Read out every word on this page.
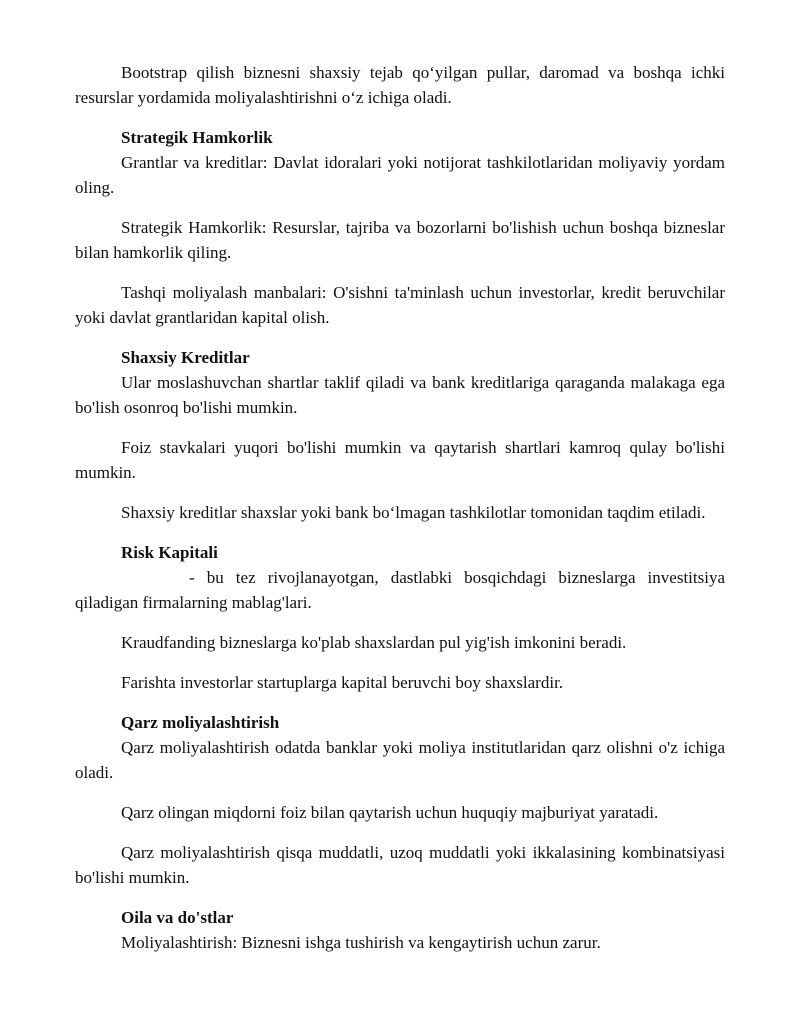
Bootstrap qilish biznesni shaxsiy tejab qo‘yilgan pullar, daromad va boshqa ichki resurslar yordamida moliyalashtirishni o‘z ichiga oladi.

Strategik Hamkorlik

Grantlar va kreditlar: Davlat idoralari yoki notijorat tashkilotlaridan moliyaviy yordam oling.

Strategik Hamkorlik: Resurslar, tajriba va bozorlarni bo'lishish uchun boshqa bizneslar bilan hamkorlik qiling.

Tashqi moliyalash manbalari: O'sishni ta'minlash uchun investorlar, kredit beruvchilar yoki davlat grantlaridan kapital olish.

Shaxsiy Kreditlar

Ular moslashuvchan shartlar taklif qiladi va bank kreditlariga qaraganda malakaga ega bo'lish osonroq bo'lishi mumkin.

Foiz stavkalari yuqori bo'lishi mumkin va qaytarish shartlari kamroq qulay bo'lishi mumkin.

Shaxsiy kreditlar shaxslar yoki bank bo‘lmagan tashkilotlar tomonidan taqdim etiladi.

Risk Kapitali

- bu tez rivojlanayotgan, dastlabki bosqichdagi bizneslarga investitsiya qiladigan firmalarning mablag'lari.

Kraudfanding bizneslarga ko'plab shaxslardan pul yig'ish imkonini beradi.

Farishta investorlar startuplarga kapital beruvchi boy shaxslardir.

Qarz moliyalashtirish

Qarz moliyalashtirish odatda banklar yoki moliya institutlaridan qarz olishni o'z ichiga oladi.

Qarz olingan miqdorni foiz bilan qaytarish uchun huquqiy majburiyat yaratadi.

Qarz moliyalashtirish qisqa muddatli, uzoq muddatli yoki ikkalasining kombinatsiyasi bo'lishi mumkin.

Oila va do'stlar

Moliyalashtirish: Biznesni ishga tushirish va kengaytirish uchun zarur.
